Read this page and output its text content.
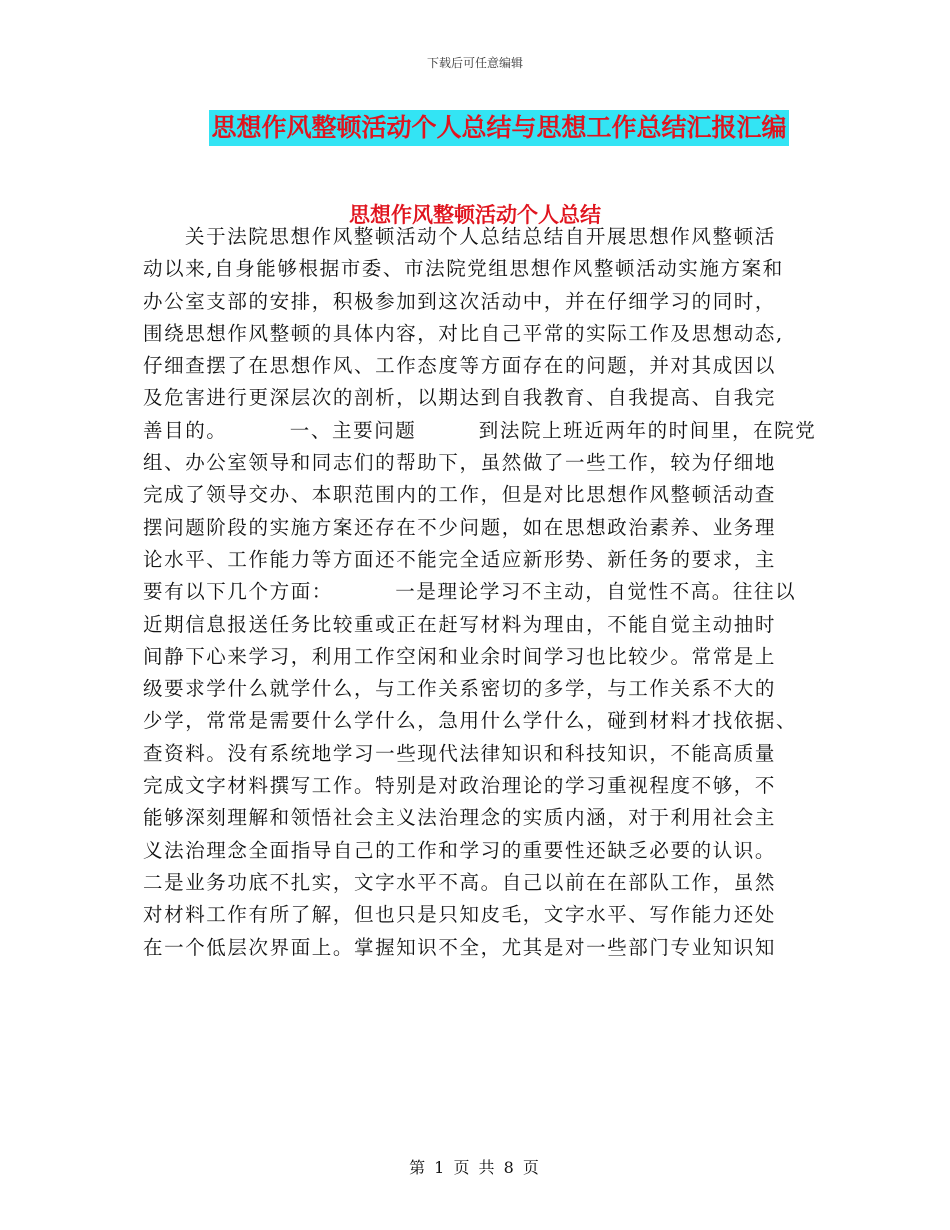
下载后可任意编辑
思想作风整顿活动个人总结与思想工作总结汇报汇编
思想作风整顿活动个人总结
关于法院思想作风整顿活动个人总结总结自开展思想作风整顿活
动以来,自身能够根据市委、市法院党组思想作风整顿活动实施方案和
办公室支部的安排，积极参加到这次活动中，并在仔细学习的同时，
围绕思想作风整顿的具体内容，对比自己平常的实际工作及思想动态,
仔细查摆了在思想作风、工作态度等方面存在的问题，并对其成因以
及危害进行更深层次的剖析，以期达到自我教育、自我提高、自我完
善目的。        一、主要问题        到法院上班近两年的时间里，在院党
组、办公室领导和同志们的帮助下，虽然做了一些工作，较为仔细地
完成了领导交办、本职范围内的工作，但是对比思想作风整顿活动查
摆问题阶段的实施方案还存在不少问题，如在思想政治素养、业务理
论水平、工作能力等方面还不能完全适应新形势、新任务的要求，主
要有以下几个方面：        一是理论学习不主动，自觉性不高。往往以
近期信息报送任务比较重或正在赶写材料为理由，不能自觉主动抽时
间静下心来学习，利用工作空闲和业余时间学习也比较少。常常是上
级要求学什么就学什么，与工作关系密切的多学，与工作关系不大的
少学，常常是需要什么学什么，急用什么学什么，碰到材料才找依据、
查资料。没有系统地学习一些现代法律知识和科技知识，不能高质量
完成文字材料撰写工作。特别是对政治理论的学习重视程度不够，不
能够深刻理解和领悟社会主义法治理念的实质内涵，对于利用社会主
义法治理念全面指导自己的工作和学习的重要性还缺乏必要的认识。
二是业务功底不扎实，文字水平不高。自己以前在在部队工作，虽然
对材料工作有所了解，但也只是只知皮毛，文字水平、写作能力还处
在一个低层次界面上。掌握知识不全，尤其是对一些部门专业知识知
第 1 页 共 8 页
